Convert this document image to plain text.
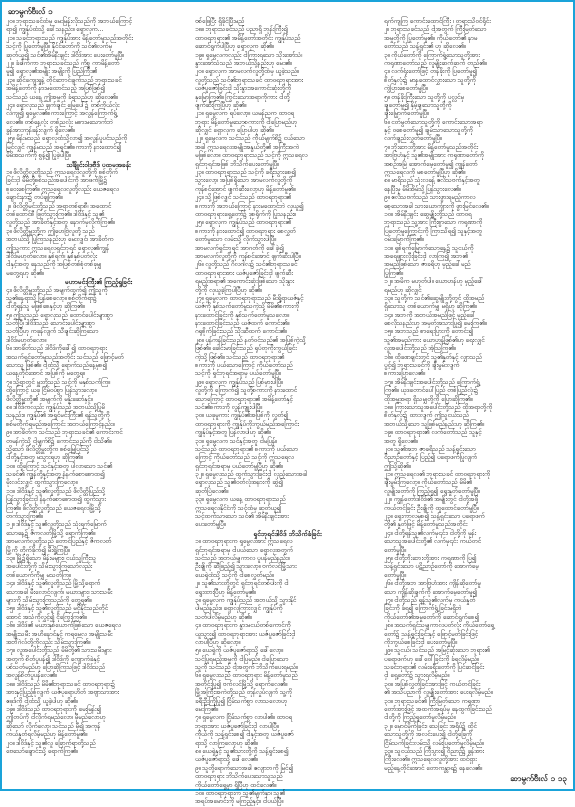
ဆာမွက်ဗီးလ် ၁
၂၀။ ဘုရားသခင်ထံမှ မေးမြန်းလိုသည်ကို အဘယ်ကြောင့်
ရာ၍ ကျွန်ုပ်ထံသို့ ခေါ်သနည်း။ ရှောလုက...
၂၁။ သခင်ဘုရားသည် ကျွန်ုပ်အား မိန့်တော်မူသည်အတိုင်း
သင့်ကို ပြုတော်မူပြီ။ နိုင်ငံတော်ကို သင်၏လက်မှ
ဆုတ်ယူ၍ သင်၏အိမ်နီးချင်း ဒါဝိဒ်အား ပေးတော်မူပြီ။
၂၂။ ခံခါက်ကာ ဘုရားသခင်သည် ကိစ္စ ကာမိန့်တော်
မူ၍ ရှောလု၏အမျိုး အမျိုးကို ပြည်ကြီး၏
၂၃။ ဆိုင်ကျေးရှုနဲ့ တိုင်ဘောင်ချက်သည် ဘုရားသခင်
အမိန့်တော်ကို နားမထောင်သည့် အပြစ်ဖြစ်၍
သင်သည် ယနေ့ ဤအမှုကို ခံရသည်ဟု ဆိုလေ၏။
၂၄။ ရှောလုသည် ချက်ချင်း မြေပေါ်၌ တစ်ကိုယ်လုံး
လဲကျ၍ ရှမွေလ၏စကားကြောင့် အလွန်ကြောက်ရွံ့
လေ၏။ တစ်နေ့လုံး တစ်ညလုံး မစားမသောက်ဘဲ
ခွန်အားကုန်ခန်းလျက် ရှိလေ၏။
၂၅။ မိန်းမသည် ရှောလုထံသို့လာ၍ အလွန်ပူပင်သည်ကို
မြင်လျှင် ကျွန်မသည် အရှင်၏စကားကို နားထောင်၍
မိမိအသက်ကို စွန့်၍ ပြုခဲ့ပါပြီ။
သင်္ချိုင်းဝါဒဗီဒ် ပထမအခန်း
၁။ ဖိလိတ္တိလူတို့သည် ဣသရေလလူတို့ကို စစ်တိုက်
ခြင်းငှါ မိမိတို့စစ်သည်အပေါင်းကို အာဖက်မြို့၌
စုဝေးစေကြ၏။ ဣသရေလလူတို့လည်း ယေဇရေလ
ချောင်းနား၌ တပ်ချကြ၏။
၂။ ဖိလိတ္တိမင်းတို့သည် အရာတစ်ရာစီ၊ အထောင်
တစ်ထောင်စီ ဖြတ်သွားကြ၏။ ဒါဝိဒ်နှင့် သူ၏
လူတို့သည် အာခိတ်နှင့်အတူ နောက်မှလိုက်ကြ၏။
၃။ ဖိလိတ္တိမှူးတို့က ဤဟေဗြဲလူတို့ သည်
အဘယ်သို့ ပြုကြသနည်းဟု မေးလျှင်၊ အာခိတ်က
ဤသူကား ဣသရေလရှင်ဘုရင် ရှောလု၏ကျွန်
ဒါဝိဒ်မဟုတ်လော။ နှစ်ရက်၊ နှစ်နှစ်ပတ်လုံး
ငါနှင့်အတူ နေသည်ကို အပြစ်တစ်စုံတစ်ခုမျှ
မတွေ့ရဟု ဆို၏။
မဟာမင်းကြီး၏ ကြည့်ရှုခြင်း
၄။ ဖိလိတ္တိမှူးတို့သည် အမျက်ထွက်၍ ဤသူကို
သူ၏နေရာသို့ ပြန်စေလော့။ စစ်တိုက်ရာ၌
ငါတို့ရန်သူ မဖြစ်စေနှင့်ဟု ဆိုကြ၏။
၅။ ဤသူသည် ရှောလုသည် ထောင်ပေါင်းများစွာ
သတ်ပြီ၊ ဒါဝိဒ်သည် သောင်းပေါင်းများစွာ
သတ်ပြီဟု ကခုန်လျက် သီချင်းဆိုကြသော
ဒါဝိဒ်မဟုတ်လော။
၆။ အာခိတ်သည် ဒါဝိဒ်ကိုခေါ်၍ ထာဝရဘုရား
အသက်ရှင်တော်မူသည်အတိုင်း သင်သည် ဖြောင့်မတ်
သောသူ ဖြစ်၏။ ငါ့ထံသို့ ရောက်သည်နေ့မှစ၍
ယနေ့တိုင်အောင် အပြစ်ကို မတွေ့ရ။
၇။ သို့ရာတွင် မှူးတို့သည် သင့်ကို မနှစ်သက်ကြ။
ထို့ကြောင့် ယခု ငြိမ်ဝပ်စွာ ပြန်သွားလော့။
ဖိလိတ္တိမှူးတို့၏ အမျက်ကို မနှိုးဆော်နှင့်။
၈။ ဒါဝိဒ်ကလည်း ကျွန်ုပ်သည် အဘယ်သို့ပြုမိ
သနည်း။ ကျွန်ုပ်၏ အရှင်မင်းကြီး၏ ရန်သူတို့ကို
စစ်မတိုက်ရမည်အကြောင်း အဘယ်ကြောင့်နည်း။
၉။ အာခိတ်က သင်သည် ဘုရားသခင်၏ ကောင်းကင်
တမန်ကဲ့သို့ ငါ့မျက်စိ၌ ကောင်းသည်ကို ငါသိ၏။
သို့သော် ဖိလိတ္တိမှူးတို့က စစ်မြေပြင်သို့
ငါတို့နှင့်အတူ မသွားရဟု ဆိုကြ၏။
၁၀။ ထို့ကြောင့် သင်နှင့်အတူ ပါလာသော သင်၏
သခင်၏ ကျွန်တို့နှင့်အတူ နံနက်စောစောထ၍
မိုးလင်းလျှင် ထွက်သွားကြလော့။
၁၁။ ဒါဝိဒ်နှင့် သူ၏လူတို့သည် ဖိလိတ္တိပြည်သို့
ပြန်သွားခြင်းငှါ နံနက်စောစောထ၍ ထွက်သွား
ကြ၏။ ဖိလိတ္တိလူတို့သည် ယေဇရေလမြို့သို့
တက်သွားကြ၏။
၁၂။ ဒါဝိဒ်နှင့် သူ၏လူတို့သည် သုံးရက်မြောက်
သောနေ့၌ ဇိကလတ်မြို့သို့ ရောက်ကြ၏။
အာမလက်လူတို့သည် တောင်ပြည်နှင့် ဇိကလတ်
မြို့ကို တိုက်ခိုက်၍ မီးရှို့ကြပြီ။
၁၃။ မြို့၌ရှိသော မိန်းမများ၊ ငယ်သူကြီးသူ
အပေါင်းတို့ကို သိမ်းသွားကြသော်လည်း
တစ်ယောက်ကိုမျှ မသတ်ကြ။
၁၄။ ဒါဝိဒ်နှင့် သူ၏လူတို့သည် မြို့သို့ရောက်
သောအခါ မီးလောင်လျက်၊ မယားများ၊ သားသမီး
များကို သိမ်းသွားကြသည်ကို တွေ့ရ၏။
၁၅။ ဒါဝိဒ်နှင့် သူ၏လူတို့သည် မငိုနိုင်သည်တိုင်
အောင် အသံကိုလွှင့်၍ ငိုကြွေးကြ၏။
၁၆။ ဒါဝိဒ်၏ မယားနှစ်ယောက်ဖြစ်သော ယေဇရေလ
အမျိုးသမီး အဟိနောင်နှင့် ကရမေလ အမျိုးသမီး
အဘိဂဲလ်တို့ကိုလည်း သိမ်းသွားကြ၏။
၁၇။ လူအပေါင်းတို့သည် မိမိတို့၏ သားသမီးများ
အတွက် စိတ်ပူပန်၍ ဒါဝိဒ်ကို ကျောက်ခဲနှင့်
ပစ်သတ်မည်ဟု ပြောဆိုကြသဖြင့် ဒါဝိဒ်သည်
အလွန်စိတ်ပူပန်လေ၏။
၁၈။ ဒါဝိဒ်သည် မိမိ၏ဘုရားသခင် ထာဝရဘုရား၌
အားနှင့်ပြည့်စုံလျက် ယဇ်ပုရောဟိတ် အဗျာသာအား
ဧဖုဒ်ကို ငါ့ထံသို့ ယူခဲ့ပါဟု ဆို၏။
၁၉။ ဒါဝိဒ်သည် ထာဝရဘုရားကို မေးမြန်း၍
ဤတပ်ကို ငါလိုက်ရမည်လော၊ မှီမည်လောဟု
ဆိုသော် လိုက်လော့၊ သင်သည် မှီ၍ အကုန်
ကယ်နှုတ်ရလိမ့်မည်ဟု မိန့်တော်မူ၏။
၂၀။ ဒါဝိဒ်နှင့် သူ၏လူ ခြောက်ရာတို့သည်
ဗေသော်ချောင်းသို့ ရောက်ကြ၏။
ဗစ်ဖြေပြီး ရှိခိုင်ပြီးမည်
၁၈။ ဘုရားသခင်သည် ပညာရှိ ဘုန်းကြီး၍
ထာဝရဘုရား၏ အမိန့်တော်အတိုင်း ကျွန်ုပ်သည်
ဆောင်ရွက်ပါပြီဟု ရှောလုက ဆို၏။
၁၉။ ရှမွေလကလည်း ငါကြားရသော သိုးအော်သံ၊
နွားအော်သံသည် အဘယ်သို့နည်းဟု မေး၏။
၂၀။ ရှောလုက အာမလက်လူတို့ထံမှ ယူခဲ့သည်။
လူတို့သည် သင်၏ဘုရားသခင် ထာဝရဘုရားအား
ယဇ်ပူဇော်ခြင်းငှါ သိုးနွားအကောင်းဆုံးတို့ကို
နှမြောကြ၏။ ကြွင်းသောအရာကိုကား ငါတို့
ဖျက်ဆီးကြပြီဟု ဆို၏။
၂၁။ ရှမွေလက ရပ်လော့။ ယမန်ညက ထာဝရ
ဘုရား မိန့်တော်မူသောစကားကို ငါပြောမည်ဟု
ဆိုလျှင် ရှောလုက ပြောပါဟု ဆို၏။
၂၂။ ရှမွေလက သင်သည် ကိုယ်မျက်စိ၌ ငယ်သော
အခါ ဣသရေလအမျိုးအနွယ်တို့၏ အကြီးအကဲ
မဖြစ်လော။ ထာဝရဘုရားသည် သင့်ကို ဣသရေလ
ရှင်ဘုရင်အဖြစ် ဘိသိက်ပေးတော်မူပြီ။
၂၃။ ထာဝရဘုရားသည် သင့်ကို ခရီးသွားစေ၍
သွားလော့၊ အပြစ်ရှိသော အာမလက်လူတို့ကို
ကုန်စင်အောင် ဖျက်ဆီးလော့ဟု မိန့်တော်မူ၏။
၂၄။ သို့ဖြစ်လျှင် သင်သည် ထာဝရဘုရား၏
စကားကို အဘယ်ကြောင့် နားမထောင်ဘဲ လုယူ၍
ထာဝရဘုရားရှေ့တော်၌ ဒုစရိုက်ကို ပြုသနည်း။
၂၅။ ရှောလုက ကျွန်ုပ်သည် ထာဝရဘုရား၏
စကားကို နားထောင်၍ ထာဝရဘုရား စေလွှတ်
တော်မူသော လမ်းသို့ လိုက်သွားပါပြီ။
အာမလက်ရှင်ဘုရင် အာဂတ်ကို ခေါ်ခဲ့၍
အာမလက်လူတို့ကို ကုန်စင်အောင် ဖျက်ဆီးပါပြီ။
၂၆။ လူတို့သည် ဂိလဂါလ၌ သင်၏ဘုရားသခင်
ထာဝရဘုရားအား ယဇ်ပူဇော်ခြင်းငှါ ဖျက်ဆီး
ရမည့်အရာ၏ အကောင်းဆုံးဖြစ်သော သိုးနွား
တို့ကို လုယူခဲ့ကြပါပြီဟု ဆို၏။
၂၇။ ရှမွေလက ထာဝရဘုရားသည် မီးရှို့ရာယဇ်နှင့်
ယဇ်ကို နှစ်သက်တော်မူသကဲ့သို့ မိမိ၏စကားကို
နားထောင်ခြင်းကို နှစ်သက်တော်မူသလော။
နားထောင်ခြင်းသည် ယဇ်ထက် ကောင်း၏။
ဂရုစိုက်ခြင်းသည် သိုးဆီထက် ကောင်း၏။
၂၈။ ပုန်ကန်ခြင်းသည် နတ်ဝင်သည်၏ အပြစ်ကဲ့သို့
ဖြစ်၏။ ခေါင်းမာခြင်းသည် ရုပ်တုကိုးကွယ်ခြင်း
ကဲ့သို့ ဖြစ်၏။ သင်သည် ထာဝရဘုရား၏
စကားကို ပယ်သောကြောင့် ကိုယ်တော်သည်
သင့်ကို ရှင်ဘုရင်အရာမှ ပယ်တော်မူပြီ။
၂၉။ ရှောလုက ကျွန်ုပ်သည် ပြစ်မှားပါပြီ။
လူတို့ကို ကြောက်၍ သူတို့စကားကို နားထောင်
သောကြောင့် ထာဝရဘုရား၏ အမိန့်တော်နှင့်
သင်၏စကားကို လွန်ကျူးပါပြီ။
၃၀။ ယခုမူကား ကျွန်ုပ်၏အပြစ်ကို လွှတ်၍
ထာဝရဘုရားကို ကျွန်ုပ်ကိုးကွယ်မည်အကြောင်း
ကျွန်ုပ်နှင့်အတူ ပြန်လာပါဟု ဆို၏။
၃၁။ ရှမွေလက သင်နှင့်အတူ ငါမပြန်။
သင်သည် ထာဝရဘုရား၏ စကားကို ပယ်သော
ကြောင့် ကိုယ်တော်သည် သင့်ကို ဣသရေလ
ရှင်ဘုရင်အရာမှ ပယ်တော်မူပြီဟု ဆို၏။
၃၂။ ရှမွေလသည် ထွက်သွားခြင်းငှါ လှည့်သောအခါ
ရှောလုသည် သူ၏ဝတ်လုံအနားကို ဆွဲ၍
ဆုတ်ပြဲလေ၏။
၃၃။ ရှမွေလက ယနေ့ ထာဝရဘုရားသည်
ဣသရေလနိုင်ငံကို သင့်ထံမှ ဆုတ်ယူ၍
သင့်ထက်သာသော သင်၏ အိမ်နီးချင်းအား
ပေးတော်မူပြီ။
ရှင်ဘုရင်ဒါဝိဒ် ဘိသိက်ခံခြင်း
၁။ ထာဝရဘုရားက ရှမွေလအား ဣသရေလ
ရှင်ဘုရင်အရာမှ ငါပယ်သော ရှောလုအတွက်
သင်သည် အဘယ်မျှကာလ ပူပန်မည်နည်း။
ဦးချိုကို ဆီဖြည့်၍ သွားလော့။ ဗက်လင်မြို့သား
ယေရှဲထံသို့ သင့်ကို ငါစေလွှတ်မည်။
၂။ သူ၏သားတို့တွင် ရှင်ဘုရင်တစ်ပါးကို ငါ
ရွေးထားပြီဟု မိန့်တော်မူ၏။
၃။ ရှမွေလက ကျွန်ုပ်သည် အဘယ်သို့ သွားနိုင်
ပါမည်နည်း။ ရှောလုကြားလျှင် ကျွန်ုပ်ကို
သတ်ပါလိမ့်မည်ဟု ဆို၏။
၄။ ထာဝရဘုရားက နွားမငယ်တစ်ကောင်ကို
ယူသွား၍ ထာဝရဘုရားအား ယဇ်ပူဇော်ခြင်းငှါ
လာပါပြီဟု ဆိုလော့။
၅။ ယေရှဲကို ယဇ်ပူဇော်ရာသို့ ခေါ်လော့။
သင်ပြုရမည့်အမှုကို ငါပြမည်။ ငါပြောသော
သူကို သင်သည် ငါ့အတွက် ဘိသိက်ပေးရမည်။
၆။ ရှမွေလသည် ထာဝရဘုရား မိန့်တော်မူသည်
အတိုင်းပြု၍ ဗက်လင်မြို့သို့ ရောက်လေ၏။
မြို့အကြီးအကဲတို့သည် တုန်လှုပ်လျက် သူ့ကို
ခရီးဦးကြိုပြု၍ ငြိမ်သက်စွာ လာသလောဟု
မေးကြ၏။
၇။ ရှမွေလက ငြိမ်သက်စွာ လာပါ၏။ ထာဝရ
ဘုရားအား ယဇ်ပူဇော်ခြင်းငှါ လာပါပြီ။
ကိုယ်ကို သန့်ရှင်းစေ၍ ငါနှင့်အတူ ယဇ်ပူဇော်
ရာသို့ လာကြလော့ဟု ဆို၏။
၈။ ယေရှဲနှင့် သူ၏သားတို့ကို သန့်ရှင်းစေ၍
ယဇ်ပူဇော်ရာသို့ ခေါ်လေ၏။
၉။ သူတို့ရောက်သောအခါ ဧလျာဘကို မြင်၍
ထာဝရဘုရား ဘိသိက်ပေးသောသူသည်
ကိုယ်တော်ရှေ့မှာ ရှိပြီဟု ထင်လေ၏။
၁၀။ ထာဝရဘုရားက သူ၏မျက်နှာ၊ သူ၏
အရပ်အမောင်းကို မကြည့်နှင့်။ ငါပယ်ပြီ။
ရက်ကျကြ ကောင်းထောင်ကြီး ၊ တရားသိဝင်ရိုင်း
၂။ ဘုရားသခင်သည် ငါ့အတွက် ကြီးမြတ်သော
အမှုတို့ကို ပြုတော်မူ၏။ ကိုယ်တော်၏ နာမ
တော်သည် သန့်ရှင်း၏ ဟု ဆိုလေ၏။
၃။ ကိုယ်တော်ကို ကြောက်ရွံ့သောသူတို့အား
ကရုဏာတော်သည် လူမျိုးဆက်ဆက် တည်၏။
၄။ လက်ရုံးတော်ဖြင့် တန်ခိုးကို ပြတော်မူ၍
စိတ်နှလုံး၌ မာနထောင်လွှားသော သူတို့ကို
ကွဲပြားစေတော်မူပြီ။
၅။ တန်ခိုးကြီးသော သူတို့ကို ပလ္လင်မှ
ချတော်မူ၍ နှိမ့်ချသောသူတို့ကို
ချီးမြှောက်တော်မူပြီ။
၆။ ငတ်မွတ်သောသူတို့ကို ကောင်းသောအရာ
နှင့် ဝစေတော်မူ၍ ချမ်းသာသောသူတို့ကို
လက်ချည်းလွှတ်တော်မူပြီ။
၇။ ဘိုးဘေးတို့အား မိန့်တော်မူသည်အတိုင်း
အာဗြဟံနှင့် သူ၏အမျိုးအား ကရုဏာတော်ကို
အစဉ်အမြဲ အောက်မေ့တော်မူ၍ ကျွန်တော်
ဣသရေလကို မစတော်မူပြီဟု ဆို၏။
၈။ မာရိသည် သုံးလခန့် ဧလိသဗက်နှင့်အတူ
နေပြီးမှ မိမိအိမ်သို့ ပြန်သွားလေ၏။
၉။ ဧလိသဗက်သည် သားဖွားရမည့်ကာလ
စေ့သောအခါ သားယောက်ျားကို ဖွားမြင်လေ၏။
၁၀။ အိမ်နီးချင်း ဆွေမျိုးတို့သည် ထာဝရ
ဘုရားသည် သူ့အား ကြီးစွာသော ကရုဏာကို
ပြတော်မူကြောင်းကို ကြားသိရ၍ သူနှင့်အတူ
ဝမ်းမြောက်ကြ၏။
၁၁။ ရှစ်ရက်မြောက်သောနေ့၌ သူငယ်ကို
အရေဖျားလှီးခြင်းငှါ လာကြ၍ အဘ၏
အမည်ဖြစ်သော ဇာခရိဟု မှည့်ခေါ်မည်
ပြုကြ၏။
၁၂။ အမိက မဟုတ်ပါ။ ယောဟန်ဟု မှည့်ခေါ်
ရမည်ဟု ဆိုလျှင်
၁၃။ သူတို့က သင်၏ဆွေမျိုးတို့တွင် ထိုအမည်
ရှိသောသူ တစ်ယောက်မျှ မရှိဟု ဆိုကြ၏။
၁၄။ အဘကို အဘယ်အမည်ဖြင့် မှည့်ခေါ်
စေလိုသနည်းဟု အမှတ်အသားပြု၍ မေးကြ၏။
၁၅။ အဘသည် စာရေးပြားကို တောင်း၍
သူ၏အမည်ကား ယောဟန်ဖြစ်၏ဟု ရေးလျှင်
လူအပေါင်းတို့သည် အံ့ဩကြ၏။
၁၆။ ထိုခဏချင်းတွင် သူ၏နှုတ်နှင့် လျှာသည်
ပွင့်၍ ဘုရားသခင်ကို ချီးမွမ်းလျက်
စကားပြောလေ၏။
၁၇။ အိမ်နီးချင်းအပေါင်းတို့သည် ကြောက်ရွံ့
ကြ၏။ ယုဒတောင်ပေါ်ပြည် တစ်ပြည်လုံး၌
ထိုအမှုအရာ ရှိသမျှတို့ကို ပြောဆိုကြ၏။
၁၈။ ကြားသောသူအပေါင်းတို့သည် ထိုအရာတို့ကို
စိတ်နှလုံး၌ ထားလျက် ဤသူငယ်သည်
အဘယ်သို့သော သူဖြစ်မည်နည်းဟု ဆိုကြ၏။
၁၉။ ထာဝရဘုရား၏ လက်တော်သည် သူနှင့်
အတူ ရှိလေ၏။
၂၀။ သူ၏အဘ ဇာခရိသည် သန့်ရှင်းသော
ဝိညာဉ်တော်နှင့် ပြည့်၍ ပရောဖက်ပြုလျက်
ဤသို့ဆို၏။
၂၁။ ဣသရေလ၏ ဘုရားသခင် ထာဝရဘုရားကို
ချီးမွမ်းကြလော့။ ကိုယ်တော်သည် မိမိ၏
လူမျိုးတော်ကို ကြည့်ရှု၍ ရွေးနှုတ်တော်မူပြီ။
၂၂။ ကျွန်တော်ဒါဝိဒ်၏ အမျိုးတွင် ငါတို့အဖို့
ကယ်တင်ခြင်း ဦးချိုကို ထူထောင်တော်မူပြီ။
၂၃။ ရှေးကာလမှစ၍ သန့်ရှင်းသော ပရောဖက်
တို့၏ နှုတ်ဖြင့် မိန့်တော်မူသည်အတိုင်း
၂၄။ ငါတို့ရန်သူ၏လက်မှ၎င်း၊ ငါတို့ကို မုန်း
သောသူအပေါင်းတို့၏ လက်မှ၎င်း ကယ်တင်
တော်မူပြီ။
၂၅။ ငါတို့ဘိုးဘေးတို့အား ကရုဏာကို ပြ၍
သန့်ရှင်းသော ပဋိညာဉ်တော်ကို အောက်မေ့
တော်မူပြီ။
၂၆။ ငါတို့အဘ အာဗြဟံအား ကျိန်ဆိုတော်မူ
သော ကျိန်ဆိုချက်ကို အောက်မေ့တော်မူ၍
၂၇။ ငါတို့သည် ရန်သူ၏လက်မှ ကယ်နှုတ်
ခြင်းကို ခံရ၍ ကြောက်ရွံ့ခြင်းမရှိဘဲ
ကိုယ်တော်၏အမှုတော်ကို ဆောင်ရွက်စေ၍
၂၈။ အသက်ရှင်သမျှကာလပတ်လုံး ကိုယ်တော်ရှေ့
တော်၌ သန့်ရှင်းခြင်းနှင့် ဖြောင့်မတ်ခြင်းဖြင့်
ကိုးကွယ်စေခြင်းငှါ ပေးတော်မူပြီ။
၂၉။ သူငယ်၊ သင်သည် အမြင့်ဆုံးသော ဘုရား၏
ပရောဖက်ဟု ခေါ်ဝေါ်ခြင်းကို ခံရလိမ့်မည်။
သခင်ဘုရား၏ လမ်းခရီးတော်ကို ပြင်ဆင်ခြင်း
ငှါ ရှေ့တော်၌ သွားရလိမ့်မည်။
၃၀။ အပြစ်လွှတ်ခြင်းအားဖြင့် ကယ်တင်ခြင်း
၏ အသိပညာကို လူမျိုးတော်အား ပေးရလိမ့်မည်။
၃၁။ ဘုရားသခင်၏ ကြီးမြတ်သော ကရုဏာ
တော်အားဖြင့် အထက်အရပ်မှ နေထွက်ခြင်းသည်
ငါတို့ကို ကြည့်ရှုတော်မူလိမ့်မည်။
၃၂။ မှောင်မိုက်ခြင်း၊ သေခြင်း အရိပ်၌ ထိုင်
သောသူတို့ကို အလင်းပေး၍ ငါတို့ခြေကို
ငြိမ်သက်ခြင်းလမ်းသို့ လမ်းပြတော်မူလိမ့်မည်။
၃၃။ သူငယ်သည် ကြီးပွား၍ ဝိညာဉ်၌ ခွန်အား
ကြီးလေ၏။ ဣသရေလလူတို့အား ထင်ရှား
မည့်နေ့တိုင်အောင် တောကန္တာရ၌ နေလေ၏။
ဆာမွက်ဗီးလ် ၁ ၁၃
